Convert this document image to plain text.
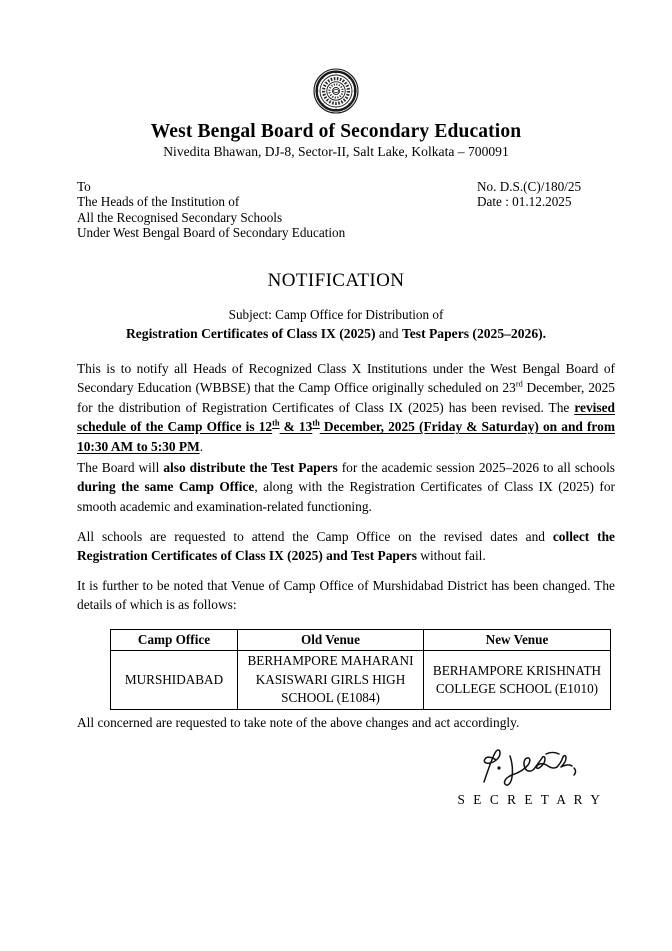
West Bengal Board of Secondary Education
Nivedita Bhawan, DJ-8, Sector-II, Salt Lake, Kolkata – 700091
To
The Heads of the Institution of
All the Recognised Secondary Schools
Under West Bengal Board of Secondary Education
No. D.S.(C)/180/25
Date : 01.12.2025
NOTIFICATION
Subject: Camp Office for Distribution of
Registration Certificates of Class IX (2025) and Test Papers (2025–2026).
This is to notify all Heads of Recognized Class X Institutions under the West Bengal Board of Secondary Education (WBBSE) that the Camp Office originally scheduled on 23rd December, 2025 for the distribution of Registration Certificates of Class IX (2025) has been revised. The revised schedule of the Camp Office is 12th & 13th December, 2025 (Friday & Saturday) on and from 10:30 AM to 5:30 PM.
The Board will also distribute the Test Papers for the academic session 2025–2026 to all schools during the same Camp Office, along with the Registration Certificates of Class IX (2025) for smooth academic and examination-related functioning.
All schools are requested to attend the Camp Office on the revised dates and collect the Registration Certificates of Class IX (2025) and Test Papers without fail.
It is further to be noted that Venue of Camp Office of Murshidabad District has been changed. The details of which is as follows:
Camp Office	Old Venue	New Venue
MURSHIDABAD	BERHAMPORE MAHARANI KASISWARI GIRLS HIGH SCHOOL (E1084)	BERHAMPORE KRISHNATH COLLEGE SCHOOL (E1010)
All concerned are requested to take note of the above changes and act accordingly.
S E C R E T A R Y
